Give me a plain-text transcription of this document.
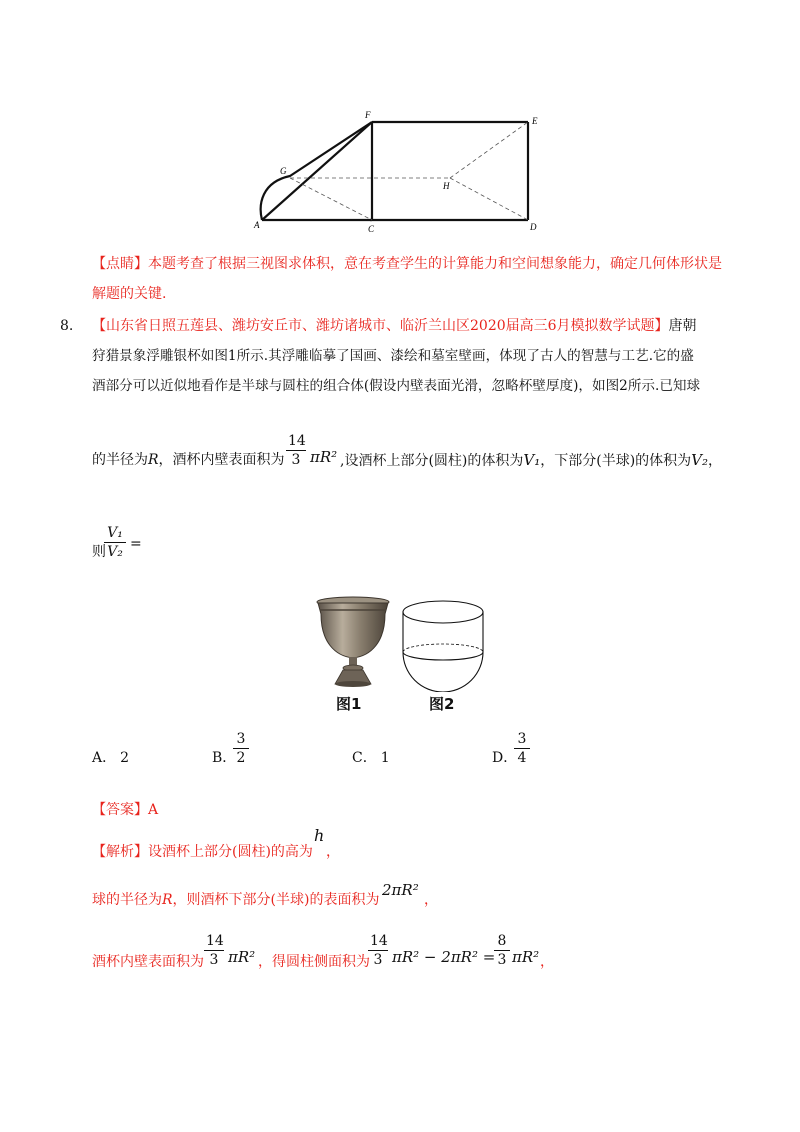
F
E
G
H
A	C	D
【点睛】本题考查了根据三视图求体积，意在考查学生的计算能力和空间想象能力，确定几何体形状是
解题的关键.
8. 【山东省日照五莲县、潍坊安丘市、潍坊诸城市、临沂兰山区2020届高三6月模拟数学试题】唐朝
狩猎景象浮雕银杯如图1所示.其浮雕临摹了国画、漆绘和墓室壁画，体现了古人的智慧与工艺.它的盛
酒部分可以近似地看作是半球与圆柱的组合体(假设内壁表面光滑，忽略杯壁厚度)，如图2所示.已知球
的半径为R，酒杯内壁表面积为 $\frac{14}{3} \pi R^2$ ,设酒杯上部分(圆柱)的体积为V₁，下部分(半球)的体积为V₂，
$\frac{\text{V₁}}{\text{V₂}}$
则 =
图1	图2
A． 2	B．
$\frac{3}{2}$	C． 1	D．
$\frac{3}{4}$
【答案】A
【解析】设酒杯上部分(圆柱)的高为
h
，
球的半径为R，则酒杯下部分(半球)的表面积为
2πR²
，
酒杯内壁表面积为 $\frac{14}{3} \pi R^2$ ，得圆柱侧面积为
$\frac{14}{3} \pi R^2 - 2\pi R^2$ =
$\frac{8}{3} \pi R^2$ ，
